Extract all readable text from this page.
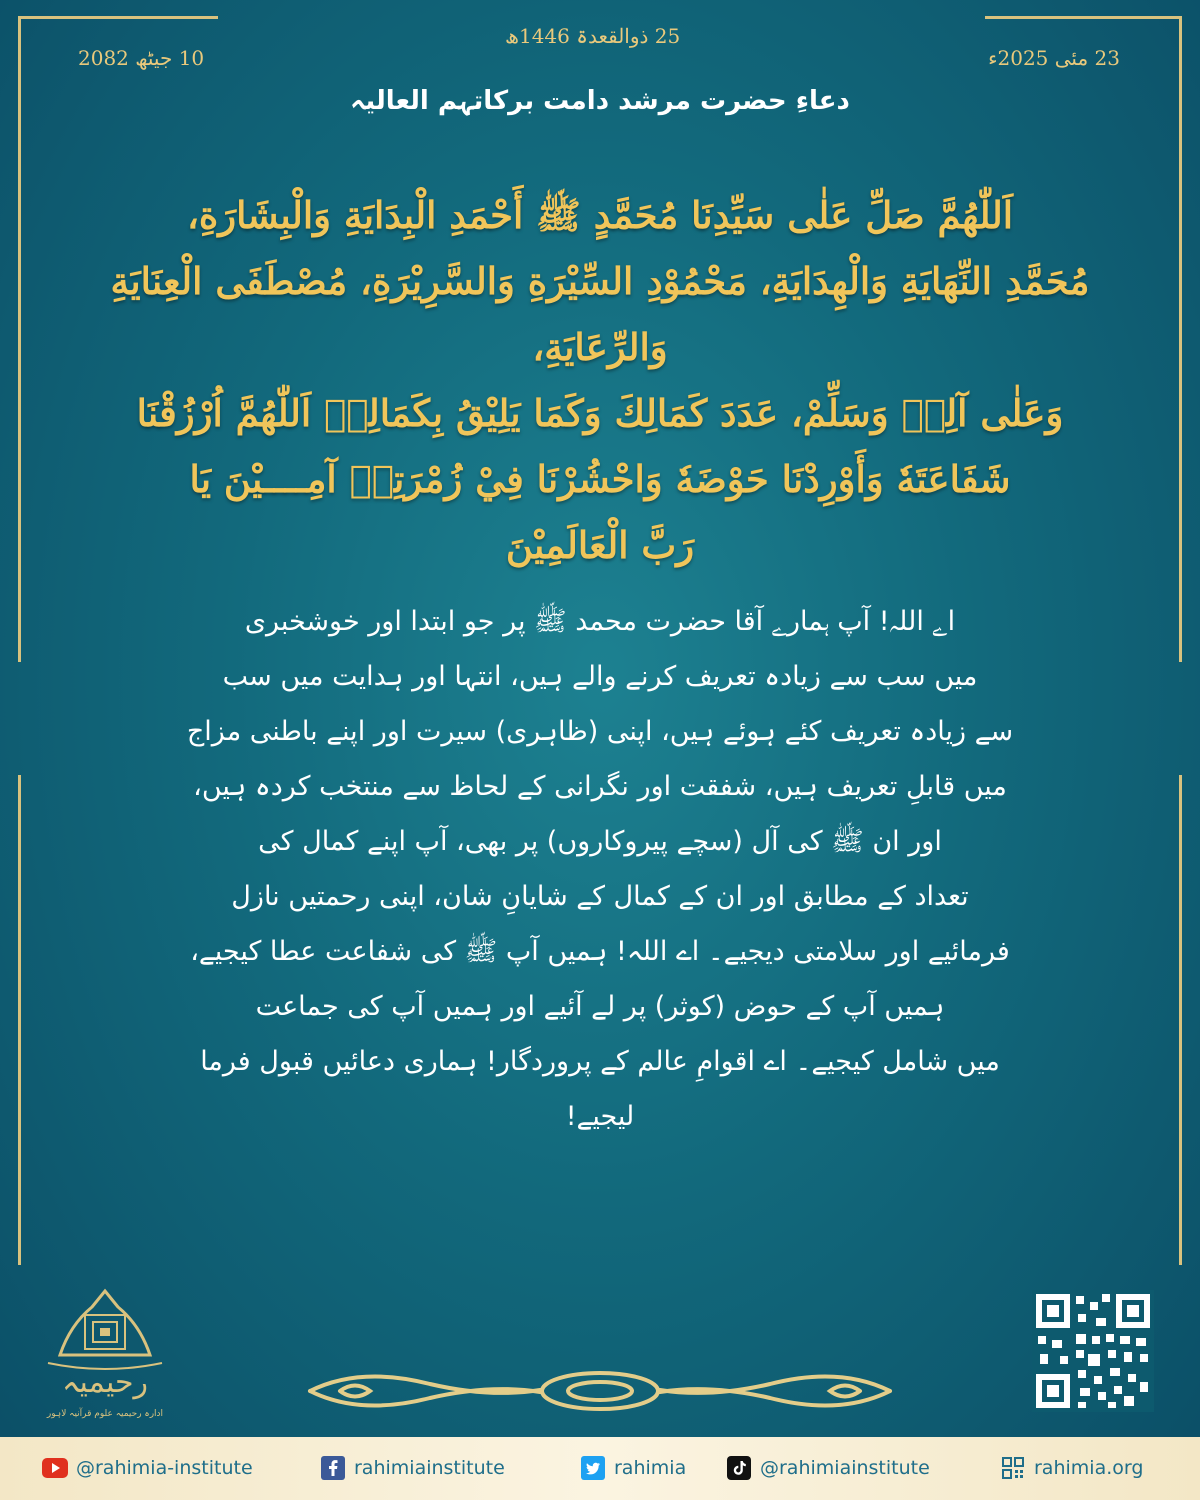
10 جیٹھ 2082
25 ذوالقعدۃ 1446ھ
23 مئی 2025ء
دعاءِ حضرت مرشد دامت برکاتہم العالیہ
اَللّٰهُمَّ صَلِّ عَلٰى سَيِّدِنَا مُحَمَّدٍ ﷺ أَحْمَدِ الْبِدَايَةِ وَالْبِشَارَةِ،
مُحَمَّدِ النِّهَايَةِ وَالْهِدَايَةِ، مَحْمُوْدِ السِّيْرَةِ وَالسَّرِيْرَةِ، مُصْطَفَى الْعِنَايَةِ وَالرِّعَايَةِ،
وَعَلٰى آلِهٖ وَسَلِّمْ، عَدَدَ كَمَالِكَ وَكَمَا يَلِيْقُ بِكَمَالِهٖ اَللّٰهُمَّ اُرْزُقْنَا
شَفَاعَتَهٗ وَأَوْرِدْنَا حَوْضَهٗ وَاحْشُرْنَا فِيْ زُمْرَتِهٖ آمِــــيْنَ يَا
رَبَّ الْعَالَمِيْنَ
اے اللہ! آپ ہمارے آقا حضرت محمد ﷺ پر جو ابتدا اور خوشخبری
میں سب سے زیادہ تعریف کرنے والے ہیں، انتہا اور ہدایت میں سب
سے زیادہ تعریف کئے ہوئے ہیں، اپنی (ظاہری) سیرت اور اپنے باطنی مزاج
میں قابلِ تعریف ہیں، شفقت اور نگرانی کے لحاظ سے منتخب کردہ ہیں،
اور ان ﷺ کی آل (سچے پیروکاروں) پر بھی، آپ اپنے کمال کی
تعداد کے مطابق اور ان کے کمال کے شایانِ شان، اپنی رحمتیں نازل
فرمائیے اور سلامتی دیجیے۔ اے اللہ! ہمیں آپ ﷺ کی شفاعت عطا کیجیے،
ہمیں آپ کے حوض (کوثر) پر لے آئیے اور ہمیں آپ کی جماعت
میں شامل کیجیے۔ اے اقوامِ عالم کے پروردگار! ہماری دعائیں قبول فرما
لیجیے!
رحیمیہ
ادارہ رحیمیہ علوم قرآنیہ لاہور
@rahimia-institute	rahimiainstitute	rahimia	@rahimiainstitute	rahimia.org
